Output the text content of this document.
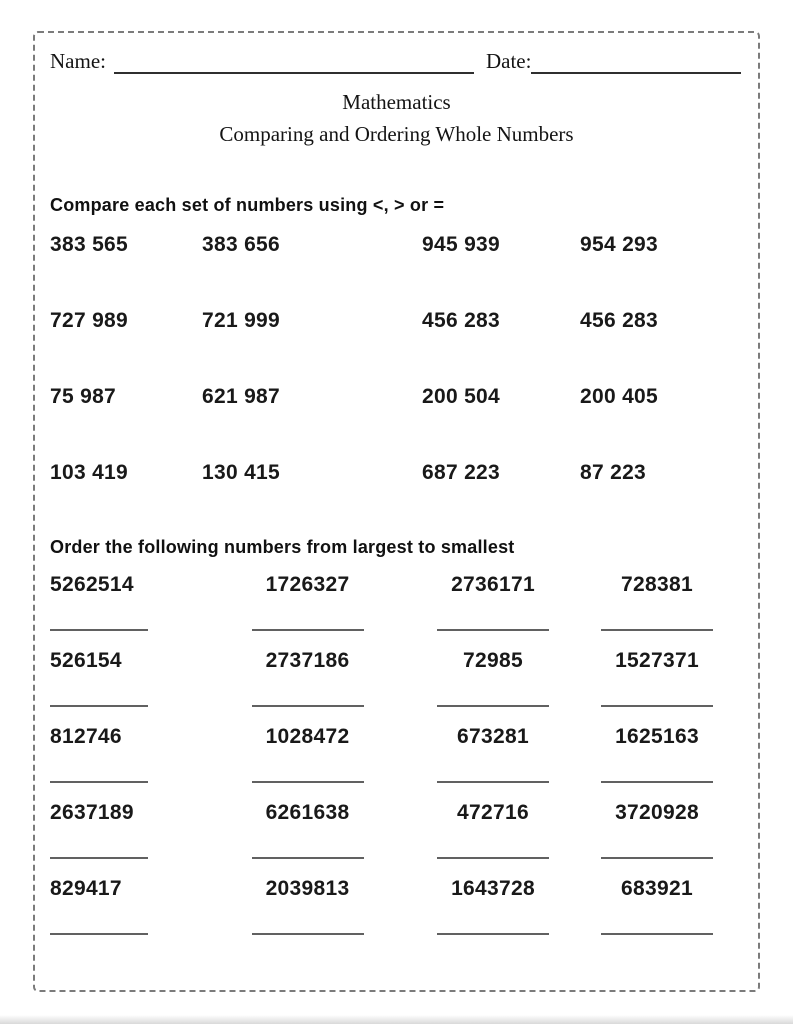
Name:	Date:
Mathematics
Comparing and Ordering Whole Numbers
Compare each set of numbers using <, > or =
383 565	383 656	945 939	954 293
727 989	721 999	456 283	456 283
75 987	621 987	200 504	200 405
103 419	130 415	687 223	87 223
Order the following numbers from largest to smallest
5262514	1726327	2736171	728381
526154	2737186	72985	1527371
812746	1028472	673281	1625163
2637189	6261638	472716	3720928
829417	2039813	1643728	683921
